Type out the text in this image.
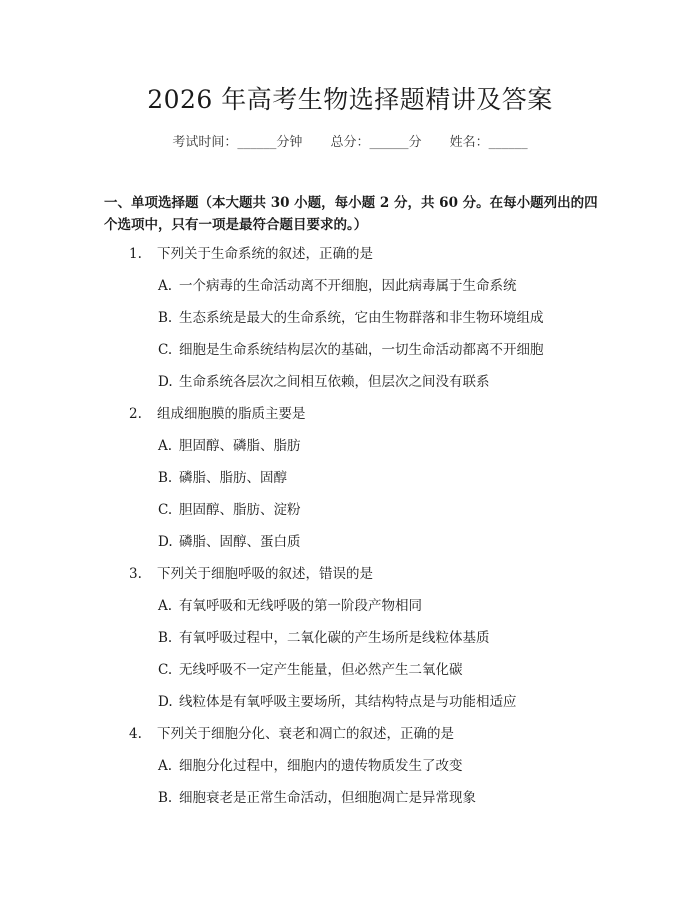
2026 年高考生物选择题精讲及答案
考试时间：______分钟 总分：______分 姓名：______
一、单项选择题（本大题共 30 小题，每小题 2 分，共 60 分。在每小题列出的四个选项中，只有一项是最符合题目要求的。）
1. 下列关于生命系统的叙述，正确的是
A. 一个病毒的生命活动离不开细胞，因此病毒属于生命系统
B. 生态系统是最大的生命系统，它由生物群落和非生物环境组成
C. 细胞是生命系统结构层次的基础，一切生命活动都离不开细胞
D. 生命系统各层次之间相互依赖，但层次之间没有联系
2. 组成细胞膜的脂质主要是
A. 胆固醇、磷脂、脂肪
B. 磷脂、脂肪、固醇
C. 胆固醇、脂肪、淀粉
D. 磷脂、固醇、蛋白质
3. 下列关于细胞呼吸的叙述，错误的是
A. 有氧呼吸和无线呼吸的第一阶段产物相同
B. 有氧呼吸过程中，二氧化碳的产生场所是线粒体基质
C. 无线呼吸不一定产生能量，但必然产生二氧化碳
D. 线粒体是有氧呼吸主要场所，其结构特点是与功能相适应
4. 下列关于细胞分化、衰老和凋亡的叙述，正确的是
A. 细胞分化过程中，细胞内的遗传物质发生了改变
B. 细胞衰老是正常生命活动，但细胞凋亡是异常现象
